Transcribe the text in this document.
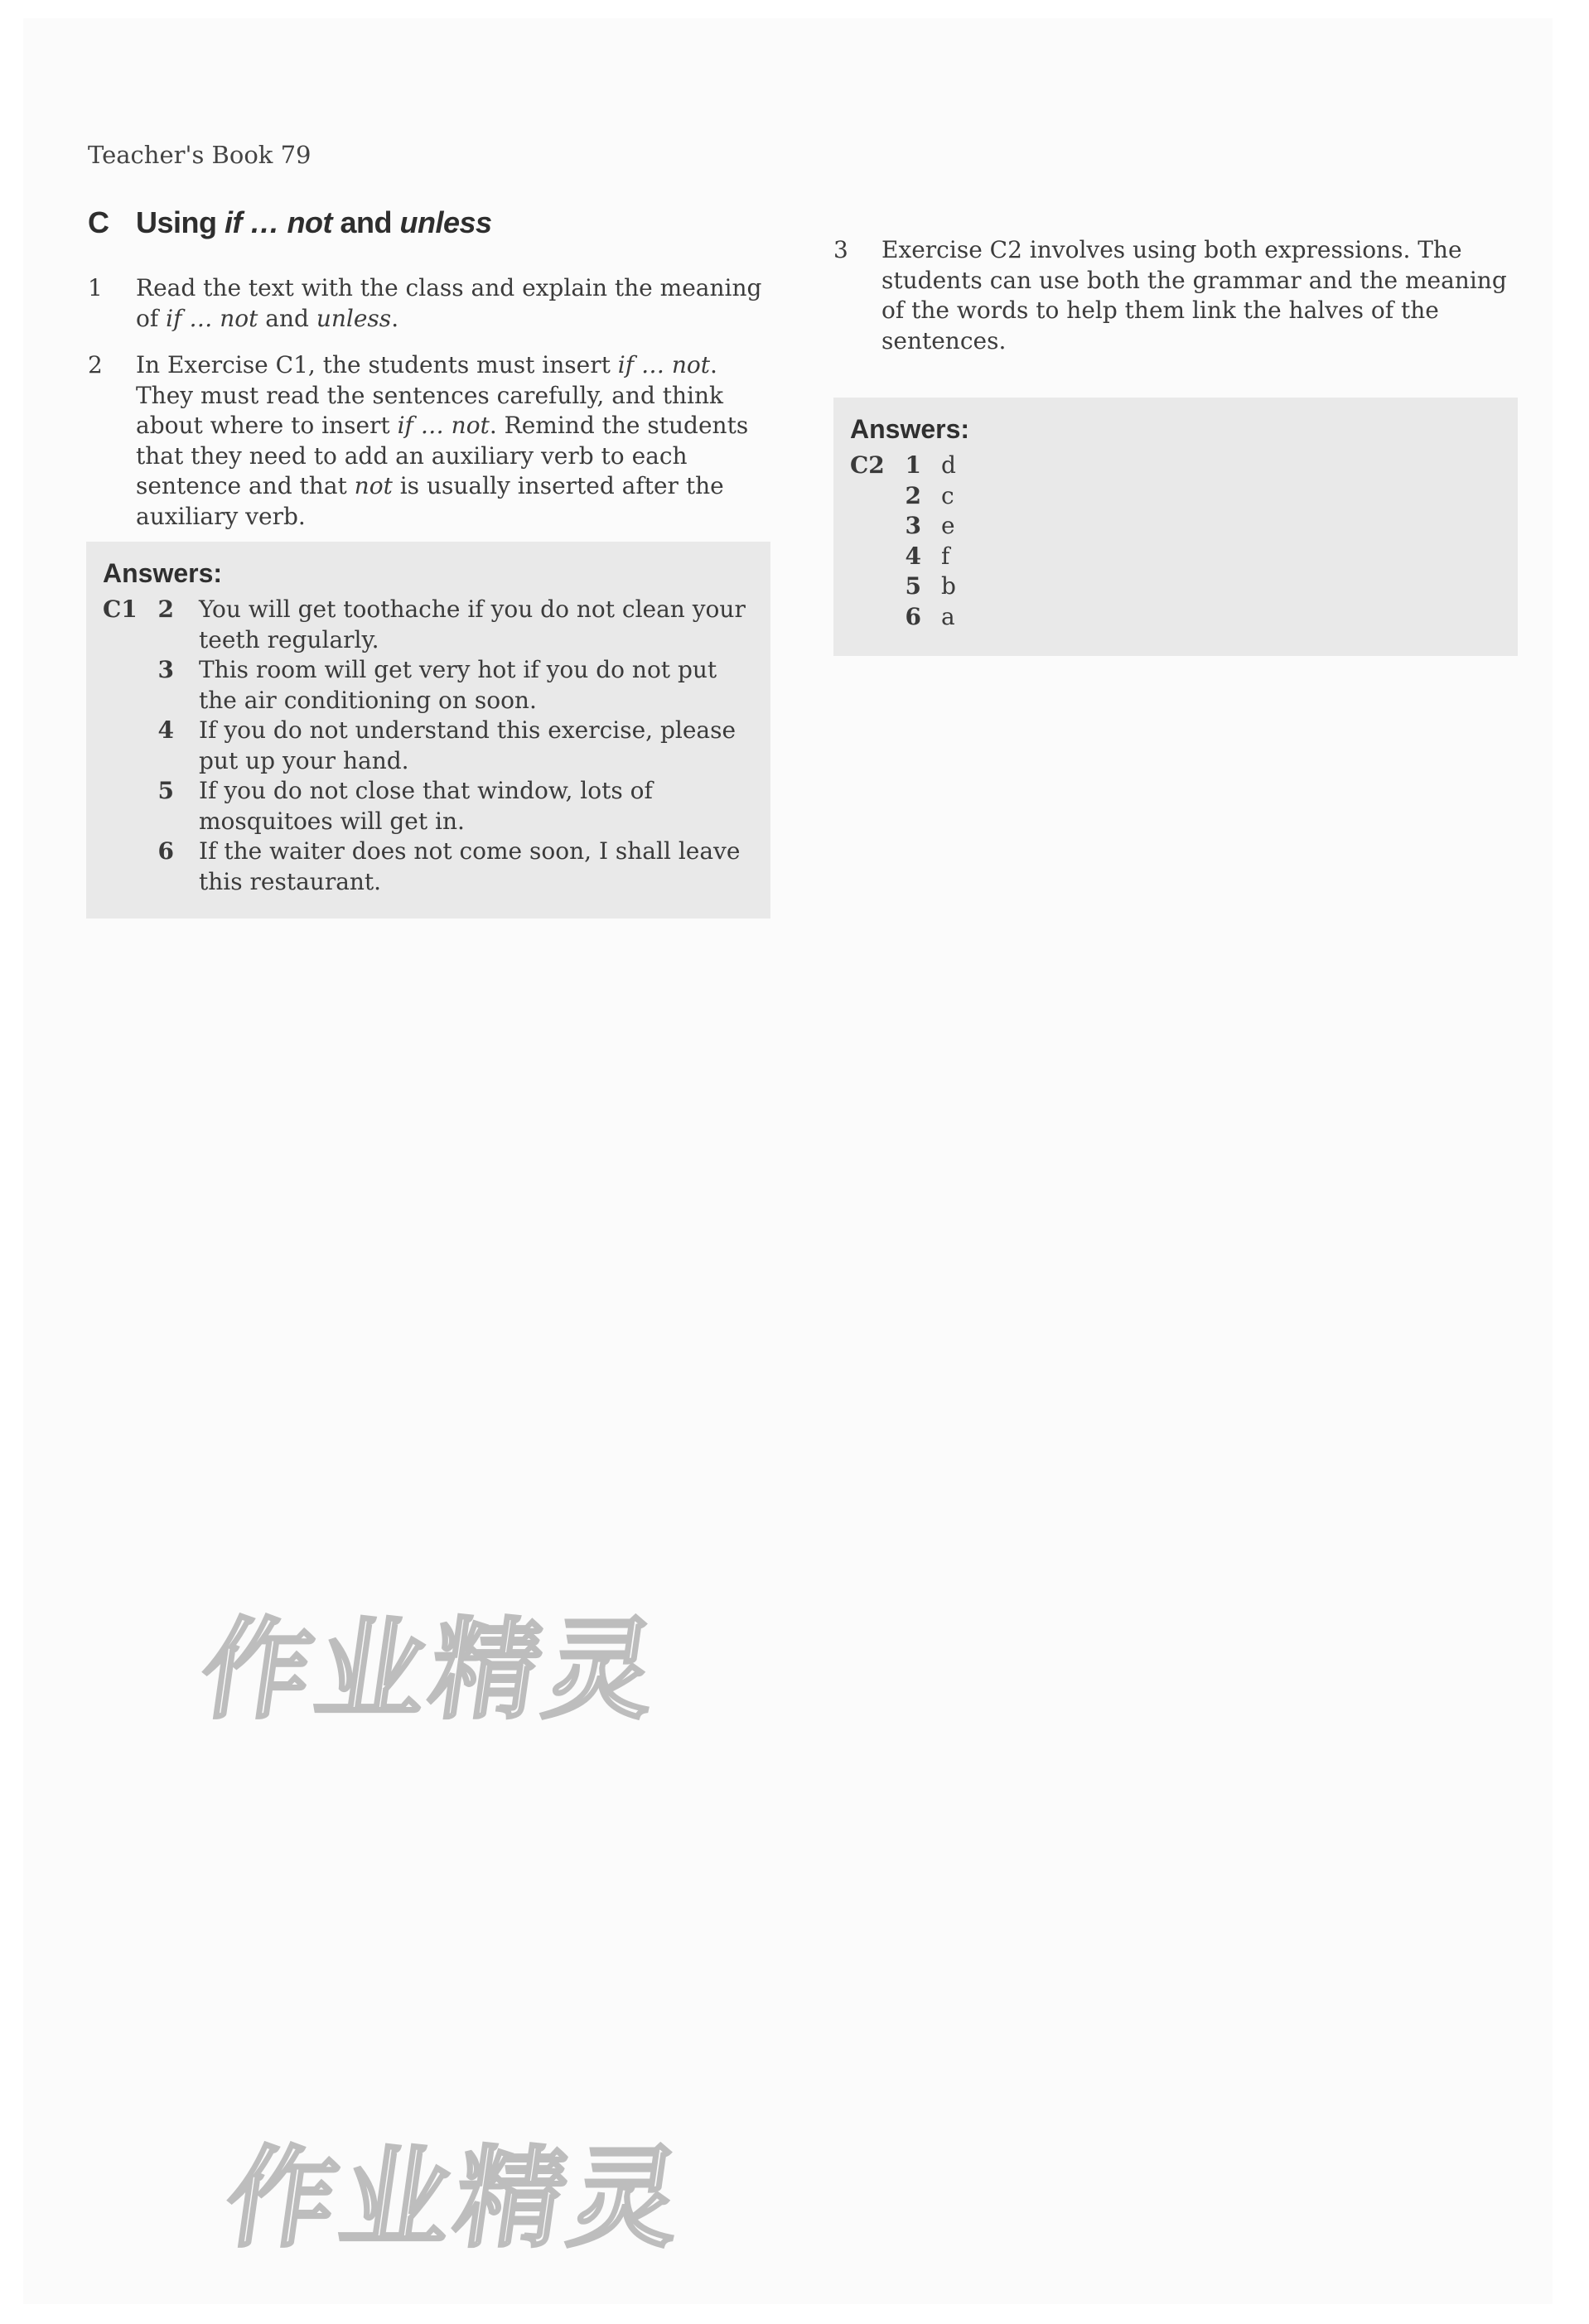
Teacher's Book 79
C Using if … not and unless
1 Read the text with the class and explain the meaning of if … not and unless.
2 In Exercise C1, the students must insert if … not. They must read the sentences carefully, and think about where to insert if … not. Remind the students that they need to add an auxiliary verb to each sentence and that not is usually inserted after the auxiliary verb.
3 Exercise C2 involves using both expressions. The students can use both the grammar and the meaning of the words to help them link the halves of the sentences.
Answers:
C1 2 You will get toothache if you do not clean your
teeth regularly.
3 This room will get very hot if you do not put
the air conditioning on soon.
4 If you do not understand this exercise, please
put up your hand.
5 If you do not close that window, lots of
mosquitoes will get in.
6 If the waiter does not come soon, I shall leave
this restaurant.
Answers:
C2 1 d
2 c
3 e
4 f
5 b
6 a
作业精灵
作业精灵
